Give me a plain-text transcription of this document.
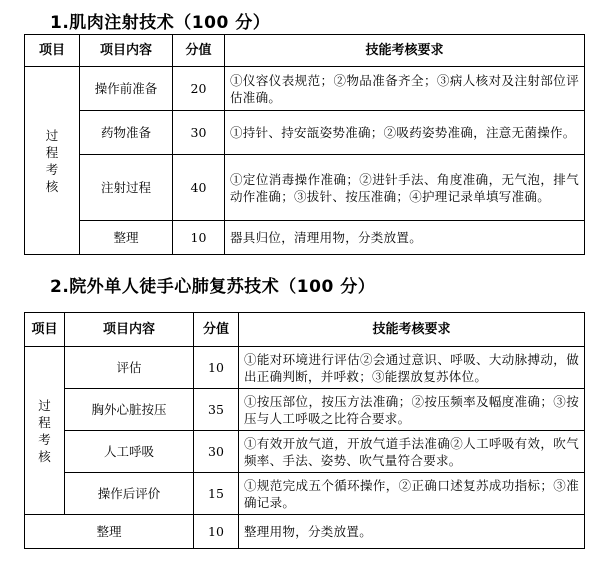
1.肌肉注射技术（100 分）
项目	项目内容	分值	技能考核要求
过
程
考
核	操作前准备	20	①仪容仪表规范；②物品准备齐全；③病人核对及注射部位评估准确。
	药物准备	30	①持针、持安瓿姿势准确；②吸药姿势准确，注意无菌操作。
	注射过程	40	①定位消毒操作准确；②进针手法、角度准确，无气泡，排气动作准确；③拔针、按压准确；④护理记录单填写准确。
	整理	10	器具归位，清理用物，分类放置。
2.院外单人徒手心肺复苏技术（100 分）
项目	项目内容	分值	技能考核要求
过
程
考
核	评估	10	①能对环境进行评估②会通过意识、呼吸、大动脉搏动，做出正确判断，并呼救；③能摆放复苏体位。
	胸外心脏按压	35	①按压部位，按压方法准确；②按压频率及幅度准确；③按压与人工呼吸之比符合要求。
	人工呼吸	30	①有效开放气道，开放气道手法准确②人工呼吸有效，吹气频率、手法、姿势、吹气量符合要求。
	操作后评价	15	①规范完成五个循环操作，②正确口述复苏成功指标；③准确记录。
整理		10	整理用物，分类放置。
